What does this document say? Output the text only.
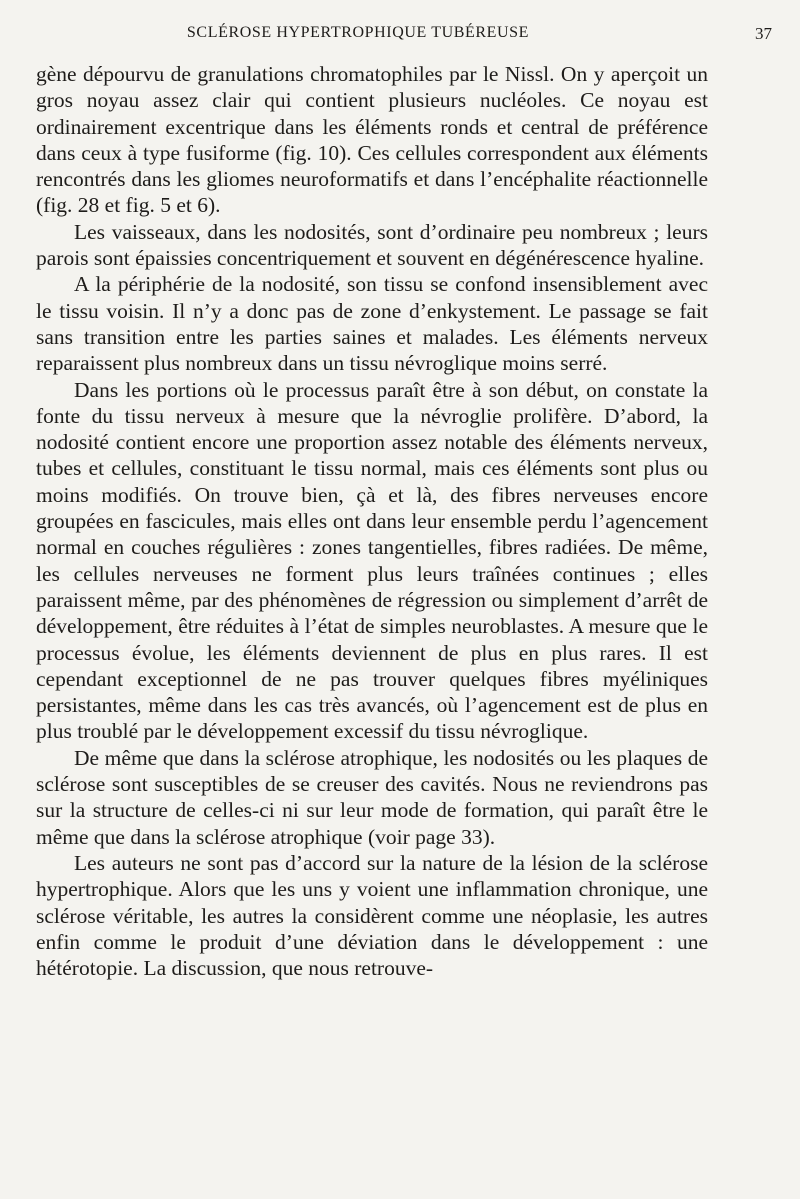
SCLÉROSE HYPERTROPHIQUE TUBÉREUSE	37

gène dépourvu de granulations chromatophiles par le Nissl. On y aperçoit un gros noyau assez clair qui contient plusieurs nucléoles. Ce noyau est ordinairement excentrique dans les éléments ronds et central de préférence dans ceux à type fusiforme (fig. 10). Ces cellules correspondent aux éléments rencontrés dans les gliomes neuroformatifs et dans l’encéphalite réactionnelle (fig. 28 et fig. 5 et 6).

Les vaisseaux, dans les nodosités, sont d’ordinaire peu nombreux ; leurs parois sont épaissies concentriquement et souvent en dégénérescence hyaline.

A la périphérie de la nodosité, son tissu se confond insensiblement avec le tissu voisin. Il n’y a donc pas de zone d’enkystement. Le passage se fait sans transition entre les parties saines et malades. Les éléments nerveux reparaissent plus nombreux dans un tissu névroglique moins serré.

Dans les portions où le processus paraît être à son début, on constate la fonte du tissu nerveux à mesure que la névroglie prolifère. D’abord, la nodosité contient encore une proportion assez notable des éléments nerveux, tubes et cellules, constituant le tissu normal, mais ces éléments sont plus ou moins modifiés. On trouve bien, çà et là, des fibres nerveuses encore groupées en fascicules, mais elles ont dans leur ensemble perdu l’agencement normal en couches régulières : zones tangentielles, fibres radiées. De même, les cellules nerveuses ne forment plus leurs traînées continues ; elles paraissent même, par des phénomènes de régression ou simplement d’arrêt de développement, être réduites à l’état de simples neuroblastes. A mesure que le processus évolue, les éléments deviennent de plus en plus rares. Il est cependant exceptionnel de ne pas trouver quelques fibres myéliniques persistantes, même dans les cas très avancés, où l’agencement est de plus en plus troublé par le développement excessif du tissu névroglique.

De même que dans la sclérose atrophique, les nodosités ou les plaques de sclérose sont susceptibles de se creuser des cavités. Nous ne reviendrons pas sur la structure de celles-ci ni sur leur mode de formation, qui paraît être le même que dans la sclérose atrophique (voir page 33).

Les auteurs ne sont pas d’accord sur la nature de la lésion de la sclérose hypertrophique. Alors que les uns y voient une inflammation chronique, une sclérose véritable, les autres la considèrent comme une néoplasie, les autres enfin comme le produit d’une déviation dans le développement : une hétérotopie. La discussion, que nous retrouve-
